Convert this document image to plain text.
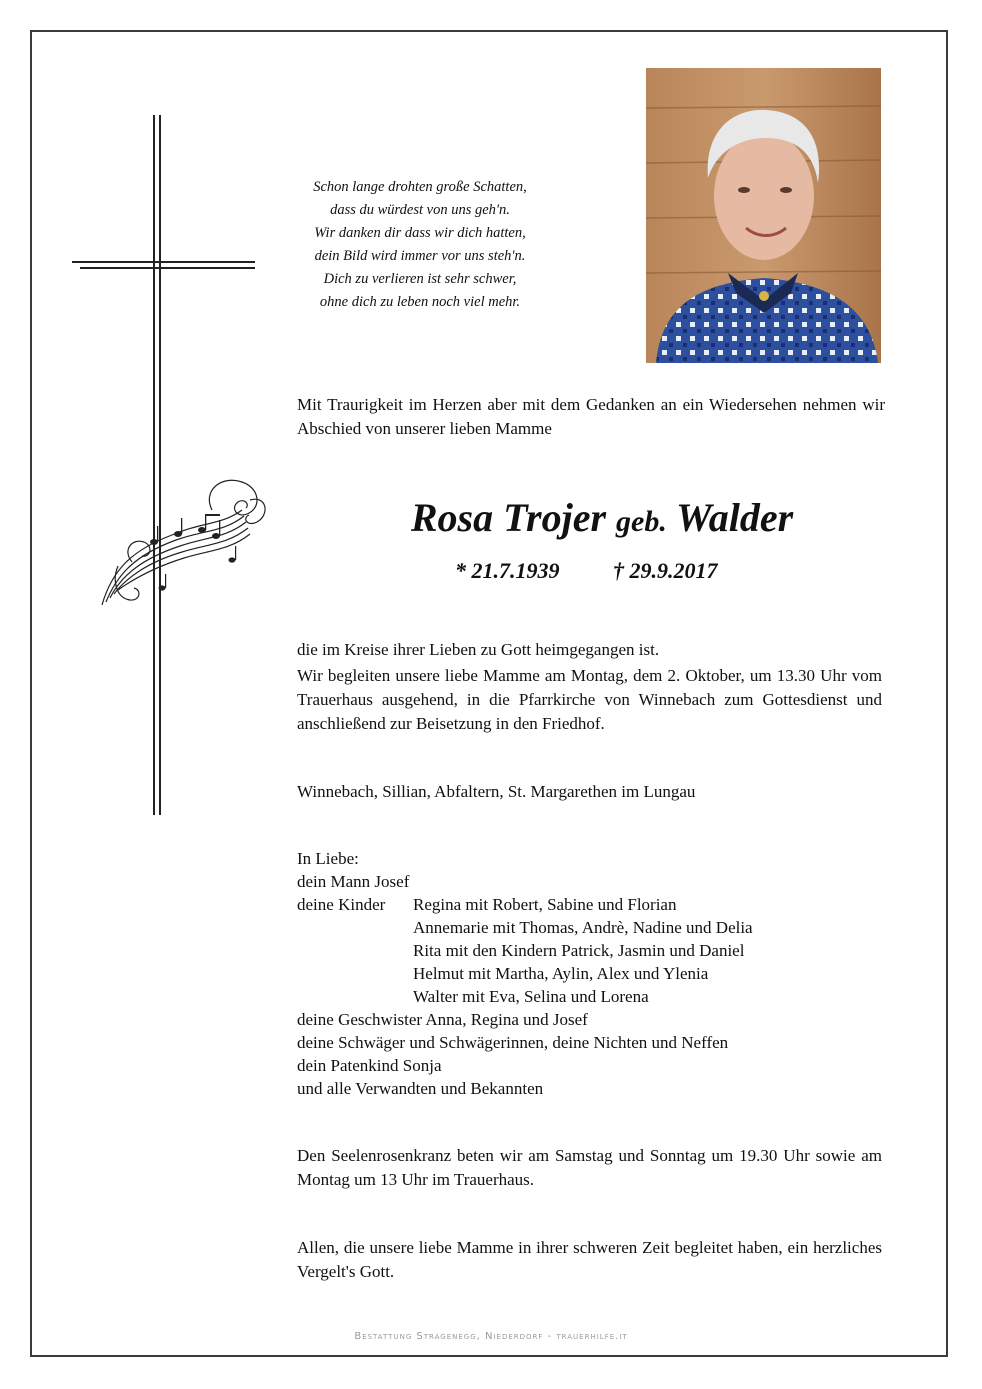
Schon lange drohten große Schatten,
dass du würdest von uns geh'n.
Wir danken dir dass wir dich hatten,
dein Bild wird immer vor uns steh'n.
Dich zu verlieren ist sehr schwer,
ohne dich zu leben noch viel mehr.
Mit Traurigkeit im Herzen aber mit dem Gedanken an ein Wiedersehen nehmen wir Abschied von unserer lieben Mamme
Rosa Trojer geb. Walder
* 21.7.1939 † 29.9.2017
die im Kreise ihrer Lieben zu Gott heimgegangen ist.
Wir begleiten unsere liebe Mamme am Montag, dem 2. Oktober, um 13.30 Uhr vom Trauerhaus ausgehend, in die Pfarrkirche von Winnebach zum Gottesdienst und anschließend zur Beisetzung in den Friedhof.
Winnebach, Sillian, Abfaltern, St. Margarethen im Lungau
In Liebe:
dein Mann Josef
deine Kinder Regina mit Robert, Sabine und Florian
Annemarie mit Thomas, Andrè, Nadine und Delia
Rita mit den Kindern Patrick, Jasmin und Daniel
Helmut mit Martha, Aylin, Alex und Ylenia
Walter mit Eva, Selina und Lorena
deine Geschwister Anna, Regina und Josef
deine Schwäger und Schwägerinnen, deine Nichten und Neffen
dein Patenkind Sonja
und alle Verwandten und Bekannten
Den Seelenrosenkranz beten wir am Samstag und Sonntag um 19.30 Uhr sowie am Montag um 13 Uhr im Trauerhaus.
Allen, die unsere liebe Mamme in ihrer schweren Zeit begleitet haben, ein herzliches Vergelt's Gott.
Bestattung Stragenegg, Niederdorf - trauerhilfe.it
